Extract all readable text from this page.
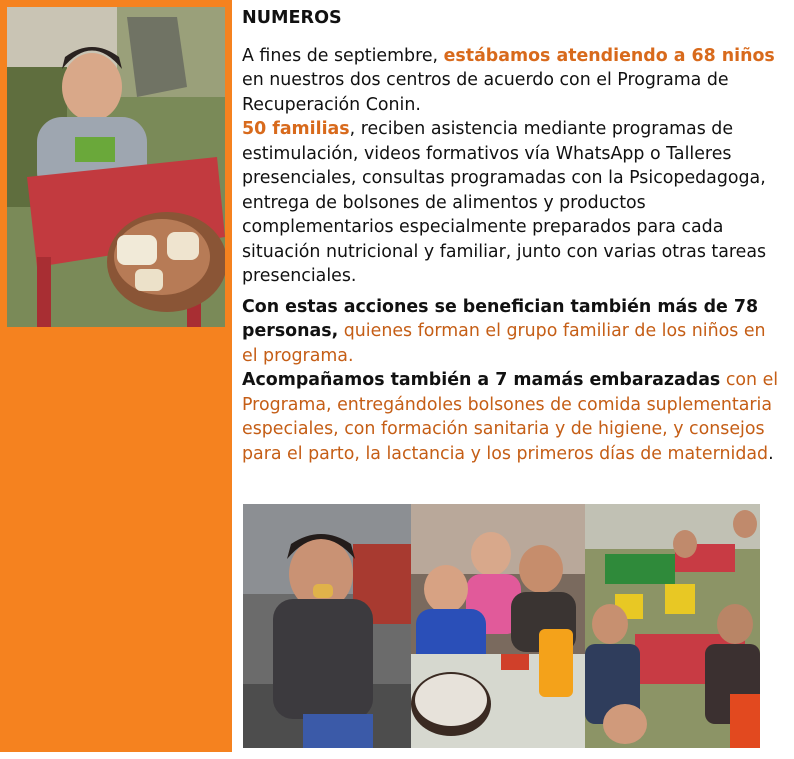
NUMEROS

A fines de septiembre, estábamos atendiendo a 68 niños en nuestros dos centros de acuerdo con el Programa de Recuperación Conin.

50 familias, reciben asistencia mediante programas de estimulación, videos formativos vía WhatsApp o Talleres presenciales, consultas programadas con la Psicopedagoga, entrega de bolsones de alimentos y productos complementarios especialmente preparados para cada situación nutricional y familiar, junto con varias otras tareas presenciales.

Con estas acciones se benefician también más de 78 personas, quienes forman el grupo familiar de los niños en el programa.

Acompañamos también a 7 mamás embarazadas con el Programa, entregándoles bolsones de comida suplementaria especiales, con formación sanitaria y de higiene, y consejos para el parto, la lactancia y los primeros días de maternidad.
